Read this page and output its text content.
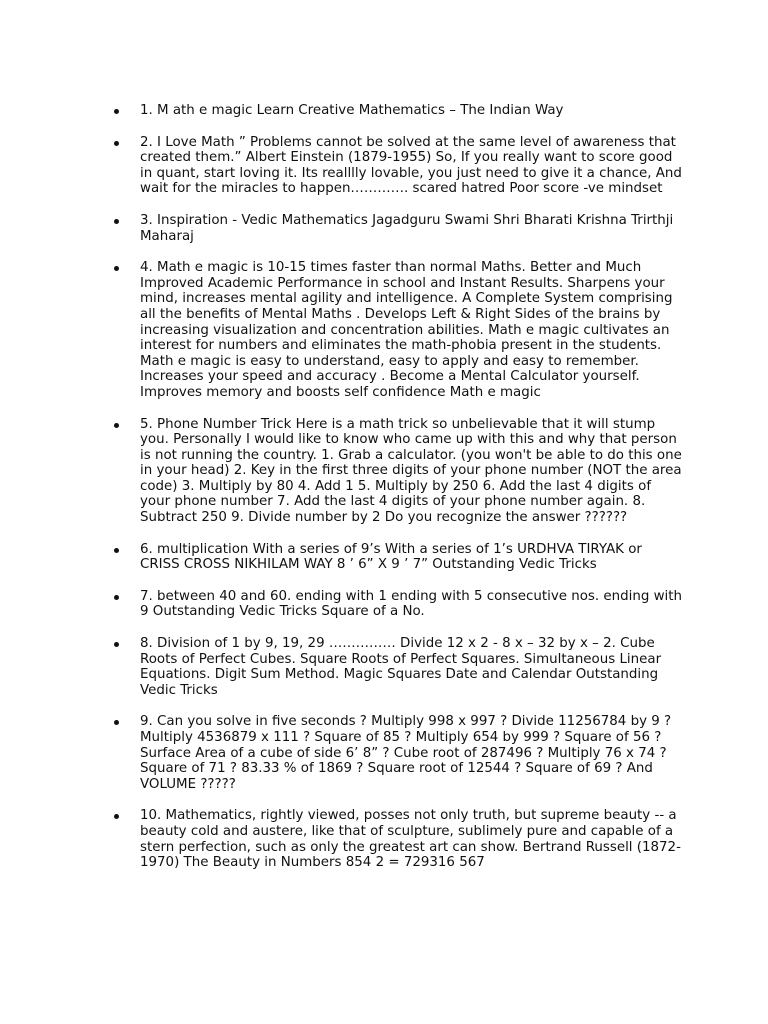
1. M ath e magic Learn Creative Mathematics – The Indian Way
2. I Love Math ” Problems cannot be solved at the same level of awareness that created them.” Albert Einstein (1879-1955) So, If you really want to score good in quant, start loving it. Its realllly lovable, you just need to give it a chance, And wait for the miracles to happen…………. scared hatred Poor score -ve mindset
3. Inspiration - Vedic Mathematics Jagadguru Swami Shri Bharati Krishna Trirthji Maharaj
4. Math e magic is 10-15 times faster than normal Maths. Better and Much Improved Academic Performance in school and Instant Results. Sharpens your mind, increases mental agility and intelligence. A Complete System comprising all the benefits of Mental Maths . Develops Left & Right Sides of the brains by increasing visualization and concentration abilities. Math e magic cultivates an interest for numbers and eliminates the math-phobia present in the students. Math e magic is easy to understand, easy to apply and easy to remember. Increases your speed and accuracy . Become a Mental Calculator yourself. Improves memory and boosts self confidence Math e magic
5. Phone Number Trick Here is a math trick so unbelievable that it will stump you. Personally I would like to know who came up with this and why that person is not running the country. 1. Grab a calculator. (you won't be able to do this one in your head) 2. Key in the first three digits of your phone number (NOT the area code) 3. Multiply by 80 4. Add 1 5. Multiply by 250 6. Add the last 4 digits of your phone number 7. Add the last 4 digits of your phone number again. 8. Subtract 250 9. Divide number by 2 Do you recognize the answer ??????
6. multiplication With a series of 9’s With a series of 1’s URDHVA TIRYAK or CRISS CROSS NIKHILAM WAY 8 ’ 6” X 9 ’ 7” Outstanding Vedic Tricks
7. between 40 and 60. ending with 1 ending with 5 consecutive nos. ending with 9 Outstanding Vedic Tricks Square of a No.
8. Division of 1 by 9, 19, 29 …………… Divide 12 x 2 - 8 x – 32 by x – 2. Cube Roots of Perfect Cubes. Square Roots of Perfect Squares. Simultaneous Linear Equations. Digit Sum Method. Magic Squares Date and Calendar Outstanding Vedic Tricks
9. Can you solve in five seconds ? Multiply 998 x 997 ? Divide 11256784 by 9 ? Multiply 4536879 x 111 ? Square of 85 ? Multiply 654 by 999 ? Square of 56 ? Surface Area of a cube of side 6’ 8” ? Cube root of 287496 ? Multiply 76 x 74 ? Square of 71 ? 83.33 % of 1869 ? Square root of 12544 ? Square of 69 ? And VOLUME ?????
10. Mathematics, rightly viewed, posses not only truth, but supreme beauty -- a beauty cold and austere, like that of sculpture, sublimely pure and capable of a stern perfection, such as only the greatest art can show. Bertrand Russell (1872-1970) The Beauty in Numbers 854 2 = 729316 567
